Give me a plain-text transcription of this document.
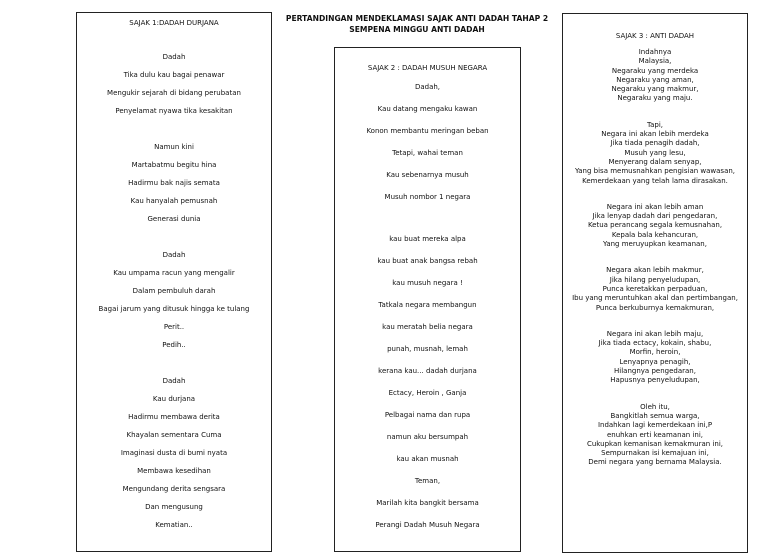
PERTANDINGAN MENDEKLAMASI SAJAK ANTI DADAH TAHAP 2
SEMPENA MINGGU ANTI DADAH
SAJAK 1:DADAH DURJANA
Dadah
Tika dulu kau bagai penawar
Mengukir sejarah di bidang perubatan
Penyelamat nyawa tika kesakitan
Namun kini
Martabatmu begitu hina
Hadirmu bak najis semata
Kau hanyalah pemusnah
Generasi dunia
Dadah
Kau umpama racun yang mengalir
Dalam pembuluh darah
Bagai jarum yang ditusuk hingga ke tulang
Perit..
Pedih..
Dadah
Kau durjana
Hadirmu membawa derita
Khayalan sementara Cuma
Imaginasi dusta di bumi nyata
Membawa kesedihan
Mengundang derita sengsara
Dan mengusung
Kematian..
SAJAK 2 : DADAH MUSUH NEGARA
Dadah,
Kau datang mengaku kawan
Konon membantu meringan beban
Tetapi, wahai teman
Kau sebenarnya musuh
Musuh nombor 1 negara
kau buat mereka alpa
kau buat anak bangsa rebah
kau musuh negara !
Tatkala negara membangun
kau meratah belia negara
punah, musnah, lemah
kerana kau... dadah durjana
Ectacy, Heroin , Ganja
Pelbagai nama dan rupa
namun aku bersumpah
kau akan musnah
Teman,
Marilah kita bangkit bersama
Perangi Dadah Musuh Negara
SAJAK 3 : ANTI DADAH
Indahnya
Malaysia,
Negaraku yang merdeka
Negaraku yang aman,
Negaraku yang makmur,
Negaraku yang maju.
Tapi,
Negara ini akan lebih merdeka
Jika tiada penagih dadah,
Musuh yang lesu,
Menyerang dalam senyap,
Yang bisa memusnahkan pengisian wawasan,
Kemerdekaan yang telah lama dirasakan.
Negara ini akan lebih aman
Jika lenyap dadah dari pengedaran,
Ketua perancang segala kemusnahan,
Kepala bala kehancuran,
Yang meruyupkan keamanan,
Negara akan lebih makmur,
Jika hilang penyeludupan,
Punca keretakkan perpaduan,
Ibu yang meruntuhkan akal dan pertimbangan,
Punca berkuburnya kemakmuran,
Negara ini akan lebih maju,
Jika tiada ectacy, kokain, shabu,
Morfin, heroin,
Lenyapnya penagih,
Hilangnya pengedaran,
Hapusnya penyeludupan,
Oleh itu,
Bangkitlah semua warga,
Indahkan lagi kemerdekaan ini,P
enuhkan erti keamanan ini,
Cukupkan kemanisan kemakmuran ini,
Sempurnakan isi kemajuan ini,
Demi negara yang bernama Malaysia.
